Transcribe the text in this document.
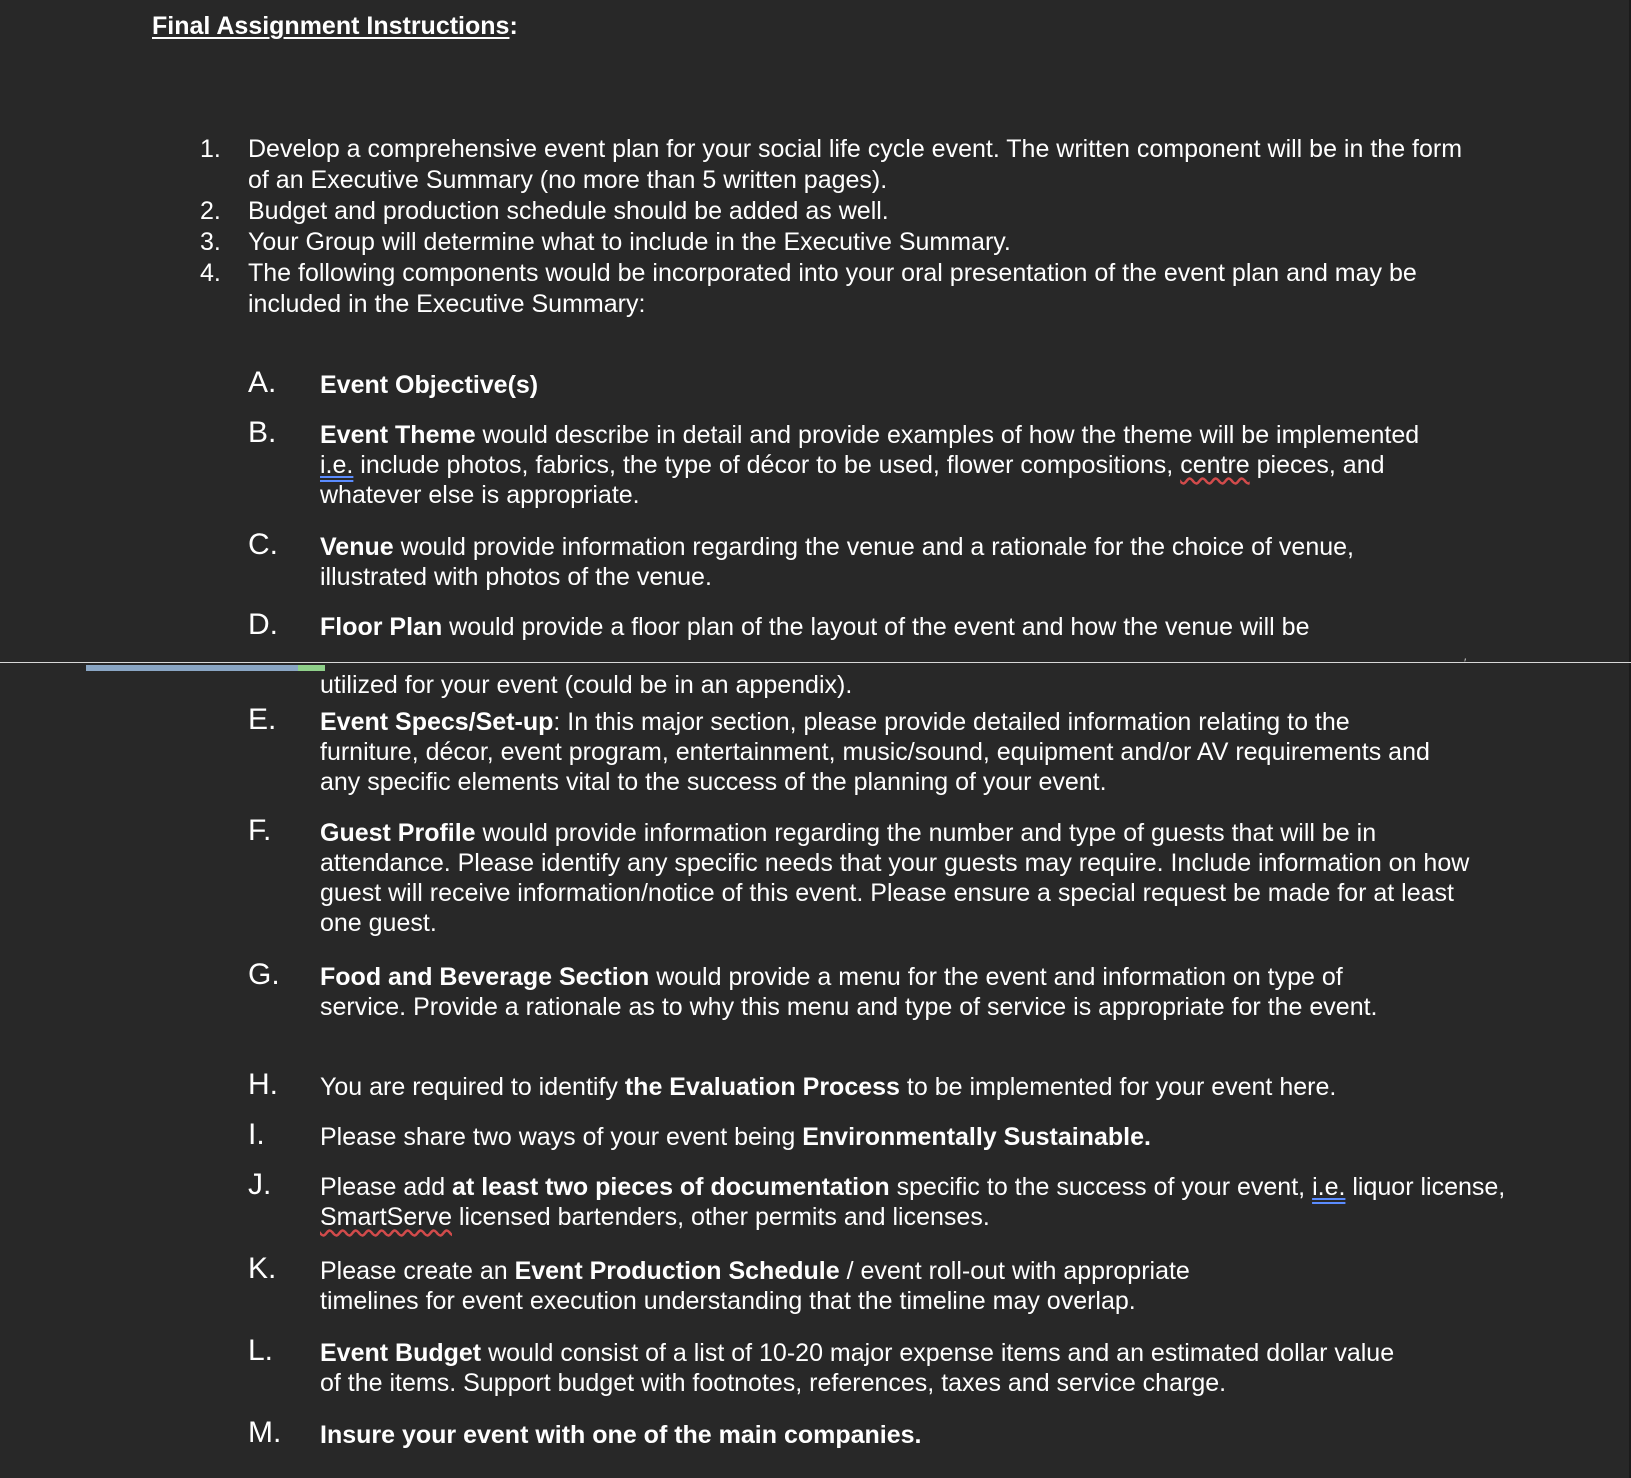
Final Assignment Instructions:
1. Develop a comprehensive event plan for your social life cycle event. The written component will be in the form of an Executive Summary (no more than 5 written pages).
2. Budget and production schedule should be added as well.
3. Your Group will determine what to include in the Executive Summary.
4. The following components would be incorporated into your oral presentation of the event plan and may be included in the Executive Summary:
A. Event Objective(s)
B. Event Theme would describe in detail and provide examples of how the theme will be implemented i.e. include photos, fabrics, the type of décor to be used, flower compositions, centre pieces, and whatever else is appropriate.
C. Venue would provide information regarding the venue and a rationale for the choice of venue, illustrated with photos of the venue.
D. Floor Plan would provide a floor plan of the layout of the event and how the venue will be
′
utilized for your event (could be in an appendix).
E. Event Specs/Set-up: In this major section, please provide detailed information relating to the furniture, décor, event program, entertainment, music/sound, equipment and/or AV requirements and any specific elements vital to the success of the planning of your event.
F. Guest Profile would provide information regarding the number and type of guests that will be in attendance. Please identify any specific needs that your guests may require. Include information on how guest will receive information/notice of this event. Please ensure a special request be made for at least one guest.
G. Food and Beverage Section would provide a menu for the event and information on type of service. Provide a rationale as to why this menu and type of service is appropriate for the event.
H. You are required to identify the Evaluation Process to be implemented for your event here.
I. Please share two ways of your event being Environmentally Sustainable.
J. Please add at least two pieces of documentation specific to the success of your event, i.e. liquor license, SmartServe licensed bartenders, other permits and licenses.
K. Please create an Event Production Schedule / event roll-out with appropriate
timelines for event execution understanding that the timeline may overlap.
L. Event Budget would consist of a list of 10-20 major expense items and an estimated dollar value of the items. Support budget with footnotes, references, taxes and service charge.
M. Insure your event with one of the main companies.
